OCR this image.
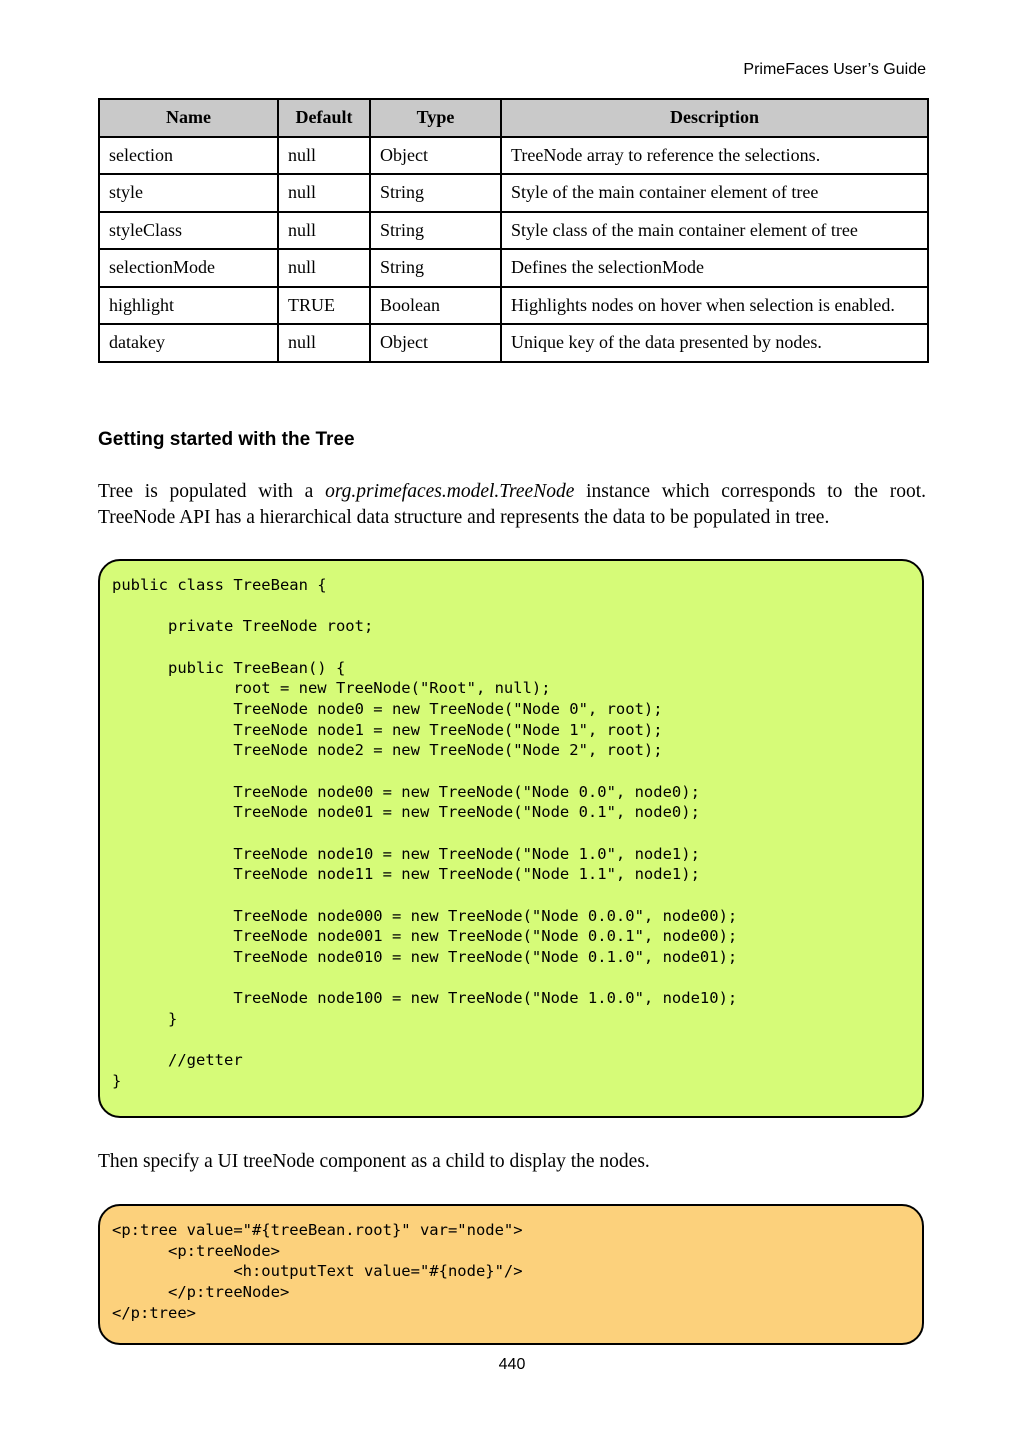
PrimeFaces User’s Guide
Name	Default	Type	Description
selection	null	Object	TreeNode array to reference the selections.
style	null	String	Style of the main container element of tree
styleClass	null	String	Style class of the main container element of tree
selectionMode	null	String	Defines the selectionMode
highlight	TRUE	Boolean	Highlights nodes on hover when selection is enabled.
datakey	null	Object	Unique key of the data presented by nodes.
Getting started with the Tree

Tree is populated with a org.primefaces.model.TreeNode instance which corresponds to the root. TreeNode API has a hierarchical data structure and represents the data to be populated in tree.

public class TreeBean {

private TreeNode root;

public TreeBean() {
root = new TreeNode("Root", null);
TreeNode node0 = new TreeNode("Node 0", root);
TreeNode node1 = new TreeNode("Node 1", root);
TreeNode node2 = new TreeNode("Node 2", root);

TreeNode node00 = new TreeNode("Node 0.0", node0);
TreeNode node01 = new TreeNode("Node 0.1", node0);

TreeNode node10 = new TreeNode("Node 1.0", node1);
TreeNode node11 = new TreeNode("Node 1.1", node1);

TreeNode node000 = new TreeNode("Node 0.0.0", node00);
TreeNode node001 = new TreeNode("Node 0.0.1", node00);
TreeNode node010 = new TreeNode("Node 0.1.0", node01);

TreeNode node100 = new TreeNode("Node 1.0.0", node10);
}

//getter
}

Then specify a UI treeNode component as a child to display the nodes.

<p:tree value="#{treeBean.root}" var="node">
<p:treeNode>
<h:outputText value="#{node}"/>
</p:treeNode>
</p:tree>
440
